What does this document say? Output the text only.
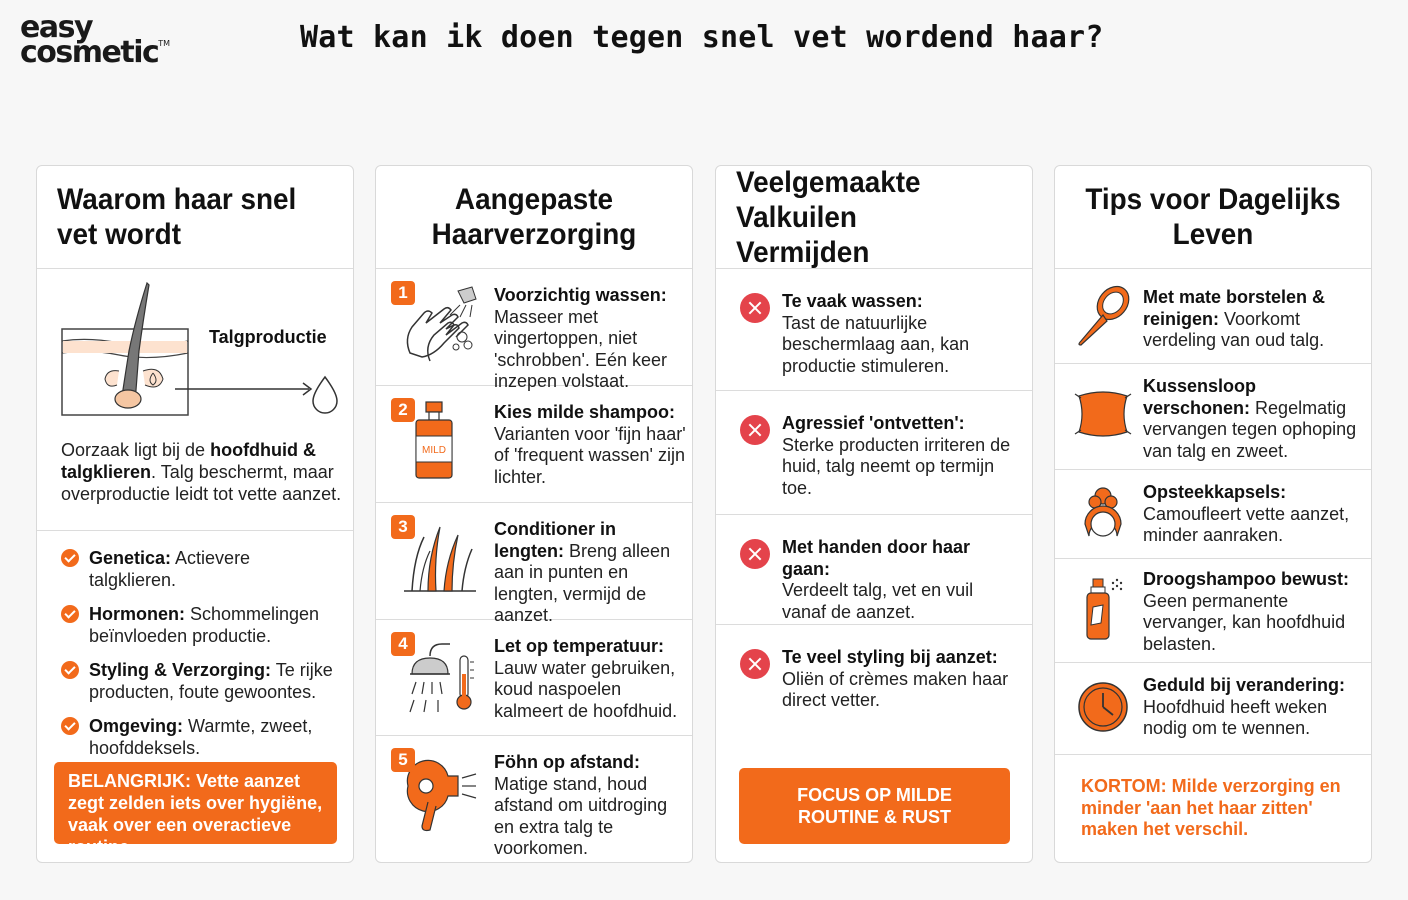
easy
cosmetic™	Wat kan ik doen tegen snel vet wordend haar?
Waarom haar snel vet wordt
Talgproductie

Oorzaak ligt bij de hoofdhuid & talgklieren. Talg beschermt, maar overproductie leidt tot vette aanzet.

Genetica: Actievere talgklieren.
Hormonen: Schommelingen beïnvloeden productie.
Styling & Verzorging: Te rijke producten, foute gewoontes.
Omgeving: Warmte, zweet, hoofddeksels.
BELANGRIJK: Vette aanzet zegt zelden iets over hygiëne, vaak over een overactieve routine.
Aangepaste Haarverzorging
1	Voorzichtig wassen: Masseer met vingertoppen, niet 'schrobben'. Eén keer inzepen volstaat.

MILD
2	Kies milde shampoo: Varianten voor 'fijn haar' of 'frequent wassen' zijn lichter.

3	Conditioner in lengten: Breng alleen aan in punten en lengten, vermijd de aanzet.

4	Let op temperatuur: Lauw water gebruiken, koud naspoelen kalmeert de hoofdhuid.

5	Föhn op afstand: Matige stand, houd afstand om uitdroging en extra talg te voorkomen.

Veelgemaakte Valkuilen Vermijden

Te vaak wassen:
Tast de natuurlijke beschermlaag aan, kan productie stimuleren.

Agressief 'ontvetten':
Sterke producten irriteren de huid, talg neemt op termijn toe.

Met handen door haar gaan:
Verdeelt talg, vet en vuil vanaf de aanzet.

Te veel styling bij aanzet:
Oliën of crèmes maken haar direct vetter.

FOCUS OP MILDE ROUTINE & RUST
Tips voor Dagelijks Leven

Met mate borstelen & reinigen: Voorkomt verdeling van oud talg.

Kussensloop verschonen: Regelmatig vervangen tegen ophoping van talg en zweet.

Opsteekkapsels: Camoufleert vette aanzet, minder aanraken.

Droogshampoo bewust: Geen permanente vervanger, kan hoofdhuid belasten.

Geduld bij verandering: Hoofdhuid heeft weken nodig om te wennen.

KORTOM: Milde verzorging en minder 'aan het haar zitten' maken het verschil.
